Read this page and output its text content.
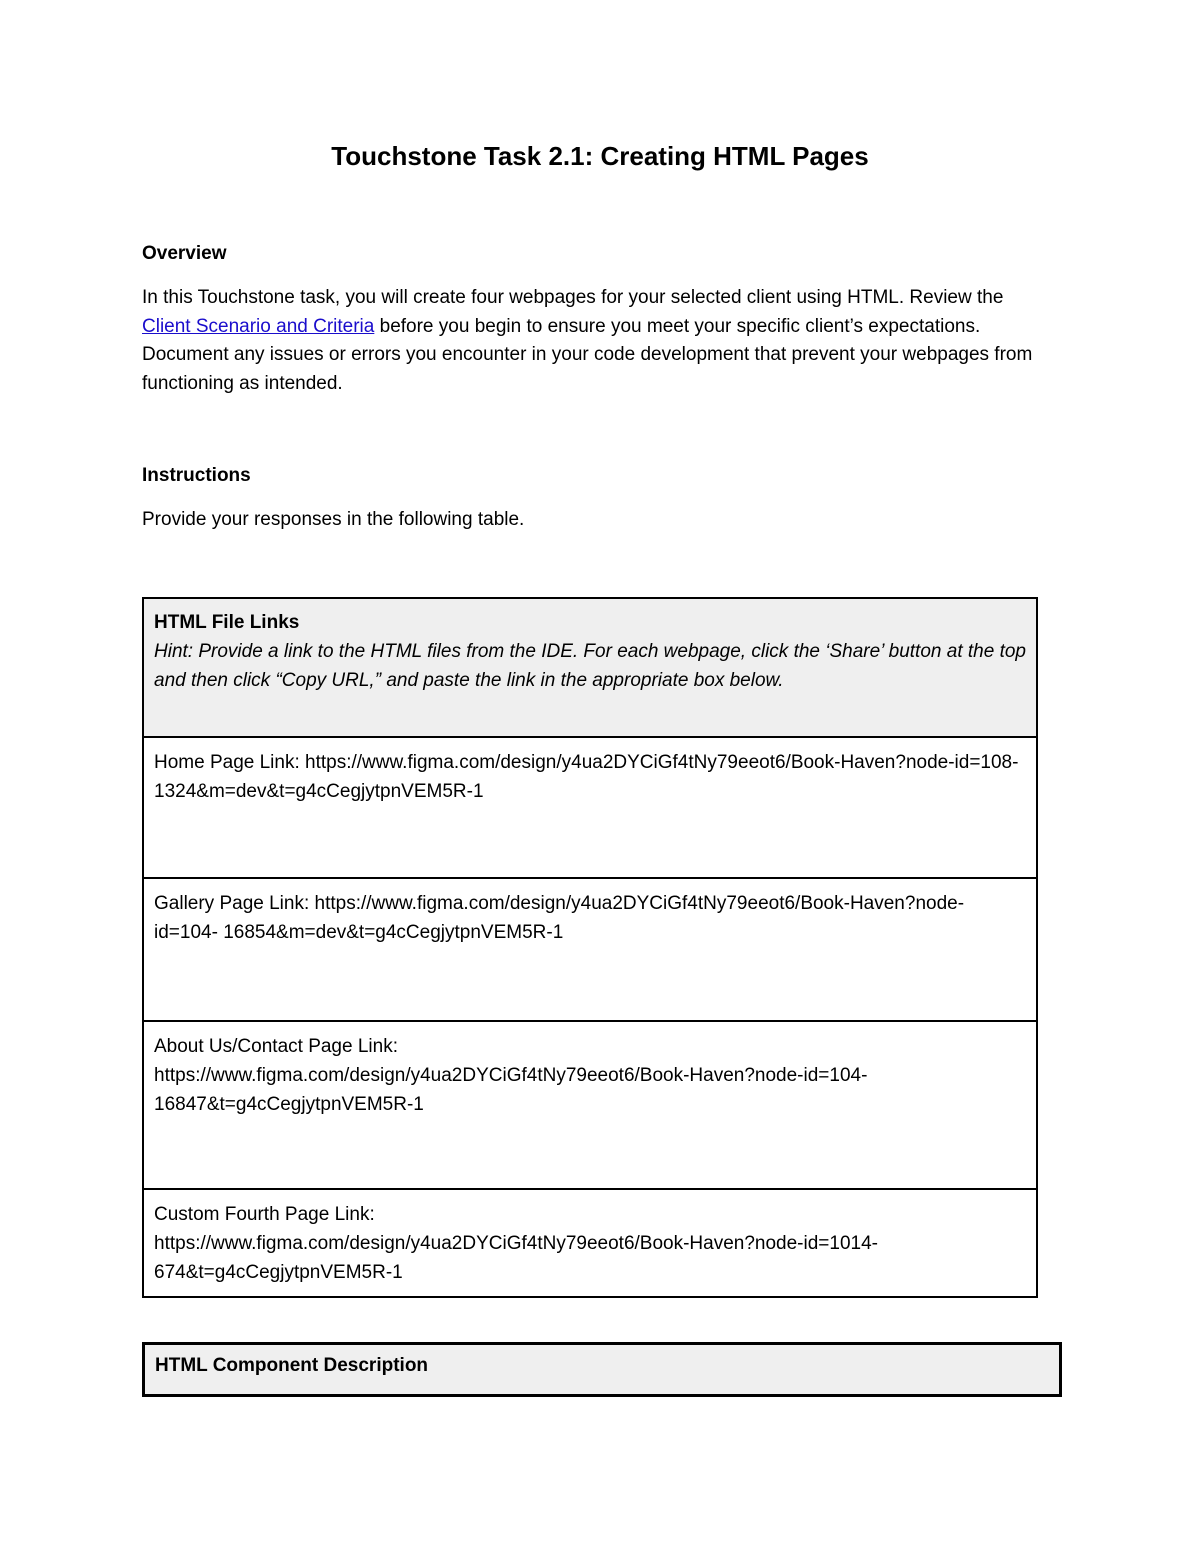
Touchstone Task 2.1: Creating HTML Pages
Overview

In this Touchstone task, you will create four webpages for your selected client using HTML. Review the Client Scenario and Criteria before you begin to ensure you meet your specific client’s expectations. Document any issues or errors you encounter in your code development that prevent your webpages from functioning as intended.

Instructions

Provide your responses in the following table.

HTML File Links
Hint: Provide a link to the HTML files from the IDE. For each webpage, click the ‘Share’ button at the top and then click “Copy URL,” and paste the link in the appropriate box below.
Home Page Link: https://www.figma.com/design/y4ua2DYCiGf4tNy79eeot6/Book-Haven?node-id=108- 1324&m=dev&t=g4cCegjytpnVEM5R-1
Gallery Page Link: https://www.figma.com/design/y4ua2DYCiGf4tNy79eeot6/Book-Haven?node-id=104- 16854&m=dev&t=g4cCegjytpnVEM5R-1
About Us/Contact Page Link:
https://www.figma.com/design/y4ua2DYCiGf4tNy79eeot6/Book-Haven?node-id=104-16847&t=g4cCegjytpnVEM5R-1
Custom Fourth Page Link:
https://www.figma.com/design/y4ua2DYCiGf4tNy79eeot6/Book-Haven?node-id=1014-674&t=g4cCegjytpnVEM5R-1
HTML Component Description
